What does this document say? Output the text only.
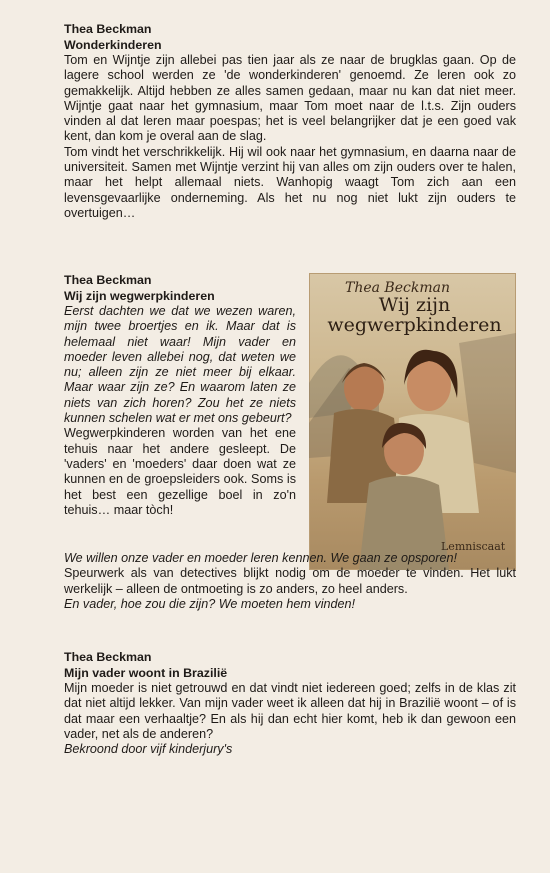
Thea Beckman
Wonderkinderen

Tom en Wijntje zijn allebei pas tien jaar als ze naar de brugklas gaan. Op de lagere school werden ze 'de wonderkinderen' genoemd. Ze leren ook zo gemakkelijk. Altijd hebben ze alles samen gedaan, maar nu kan dat niet meer. Wijntje gaat naar het gymnasium, maar Tom moet naar de l.t.s. Zijn ouders vinden al dat leren maar poespas; het is veel belangrijker dat je een goed vak kent, dan kom je overal aan de slag.

Tom vindt het verschrikkelijk. Hij wil ook naar het gymnasium, en daarna naar de universiteit. Samen met Wijntje verzint hij van alles om zijn ouders over te halen, maar het helpt allemaal niets. Wanhopig waagt Tom zich aan een levensgevaarlijke onderneming. Als het nu nog niet lukt zijn ouders te overtuigen…

Thea Beckman
Wij zijn wegwerpkinderen

Eerst dachten we dat we wezen waren, mijn twee broertjes en ik. Maar dat is helemaal niet waar! Mijn vader en moeder leven allebei nog, dat weten we nu; alleen zijn ze niet meer bij elkaar. Maar waar zijn ze? En waarom laten ze niets van zich horen? Zou het ze niets kunnen schelen wat er met ons gebeurt?

Wegwerpkinderen worden van het ene tehuis naar het andere gesleept. De 'vaders' en 'moeders' daar doen wat ze kunnen en de groepsleiders ook. Soms is het best een gezellige boel in zo'n tehuis… maar tòch!

Thea Beckman
Wij zijn wegwerpkinderen
Lemniscaat

We willen onze vader en moeder leren kennen. We gaan ze opsporen!

Speurwerk als van detectives blijkt nodig om de moeder te vinden. Het lukt werkelijk – alleen de ontmoeting is zo anders, zo heel anders.

En vader, hoe zou die zijn? We moeten hem vinden!

Thea Beckman
Mijn vader woont in Brazilië

Mijn moeder is niet getrouwd en dat vindt niet iedereen goed; zelfs in de klas zit dat niet altijd lekker. Van mijn vader weet ik alleen dat hij in Brazilië woont – of is dat maar een verhaaltje? En als hij dan echt hier komt, heb ik dan gewoon een vader, net als de anderen?

Bekroond door vijf kinderjury's
